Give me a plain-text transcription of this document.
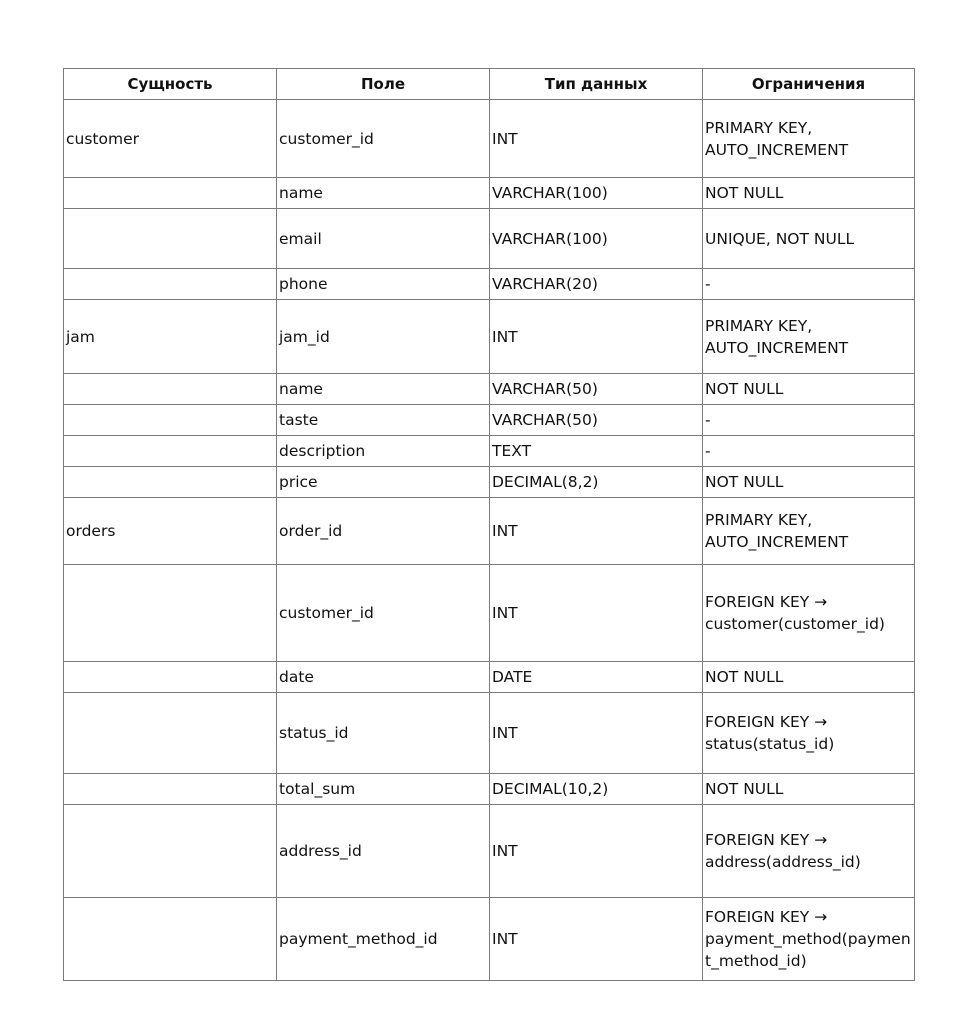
Сущность	Поле	Тип данных	Ограничения
customer	customer_id	INT	PRIMARY KEY,
AUTO_INCREMENT
	name	VARCHAR(100)	NOT NULL
	email	VARCHAR(100)	UNIQUE, NOT NULL
	phone	VARCHAR(20)	-
jam	jam_id	INT	PRIMARY KEY,
AUTO_INCREMENT
	name	VARCHAR(50)	NOT NULL
	taste	VARCHAR(50)	-
	description	TEXT	-
	price	DECIMAL(8,2)	NOT NULL
orders	order_id	INT	PRIMARY KEY,
AUTO_INCREMENT
	customer_id	INT	FOREIGN KEY →
customer(customer_id)
	date	DATE	NOT NULL
	status_id	INT	FOREIGN KEY →
status(status_id)
	total_sum	DECIMAL(10,2)	NOT NULL
	address_id	INT	FOREIGN KEY →
address(address_id)
	payment_method_id	INT	FOREIGN KEY →
payment_method(payment_method_id)
